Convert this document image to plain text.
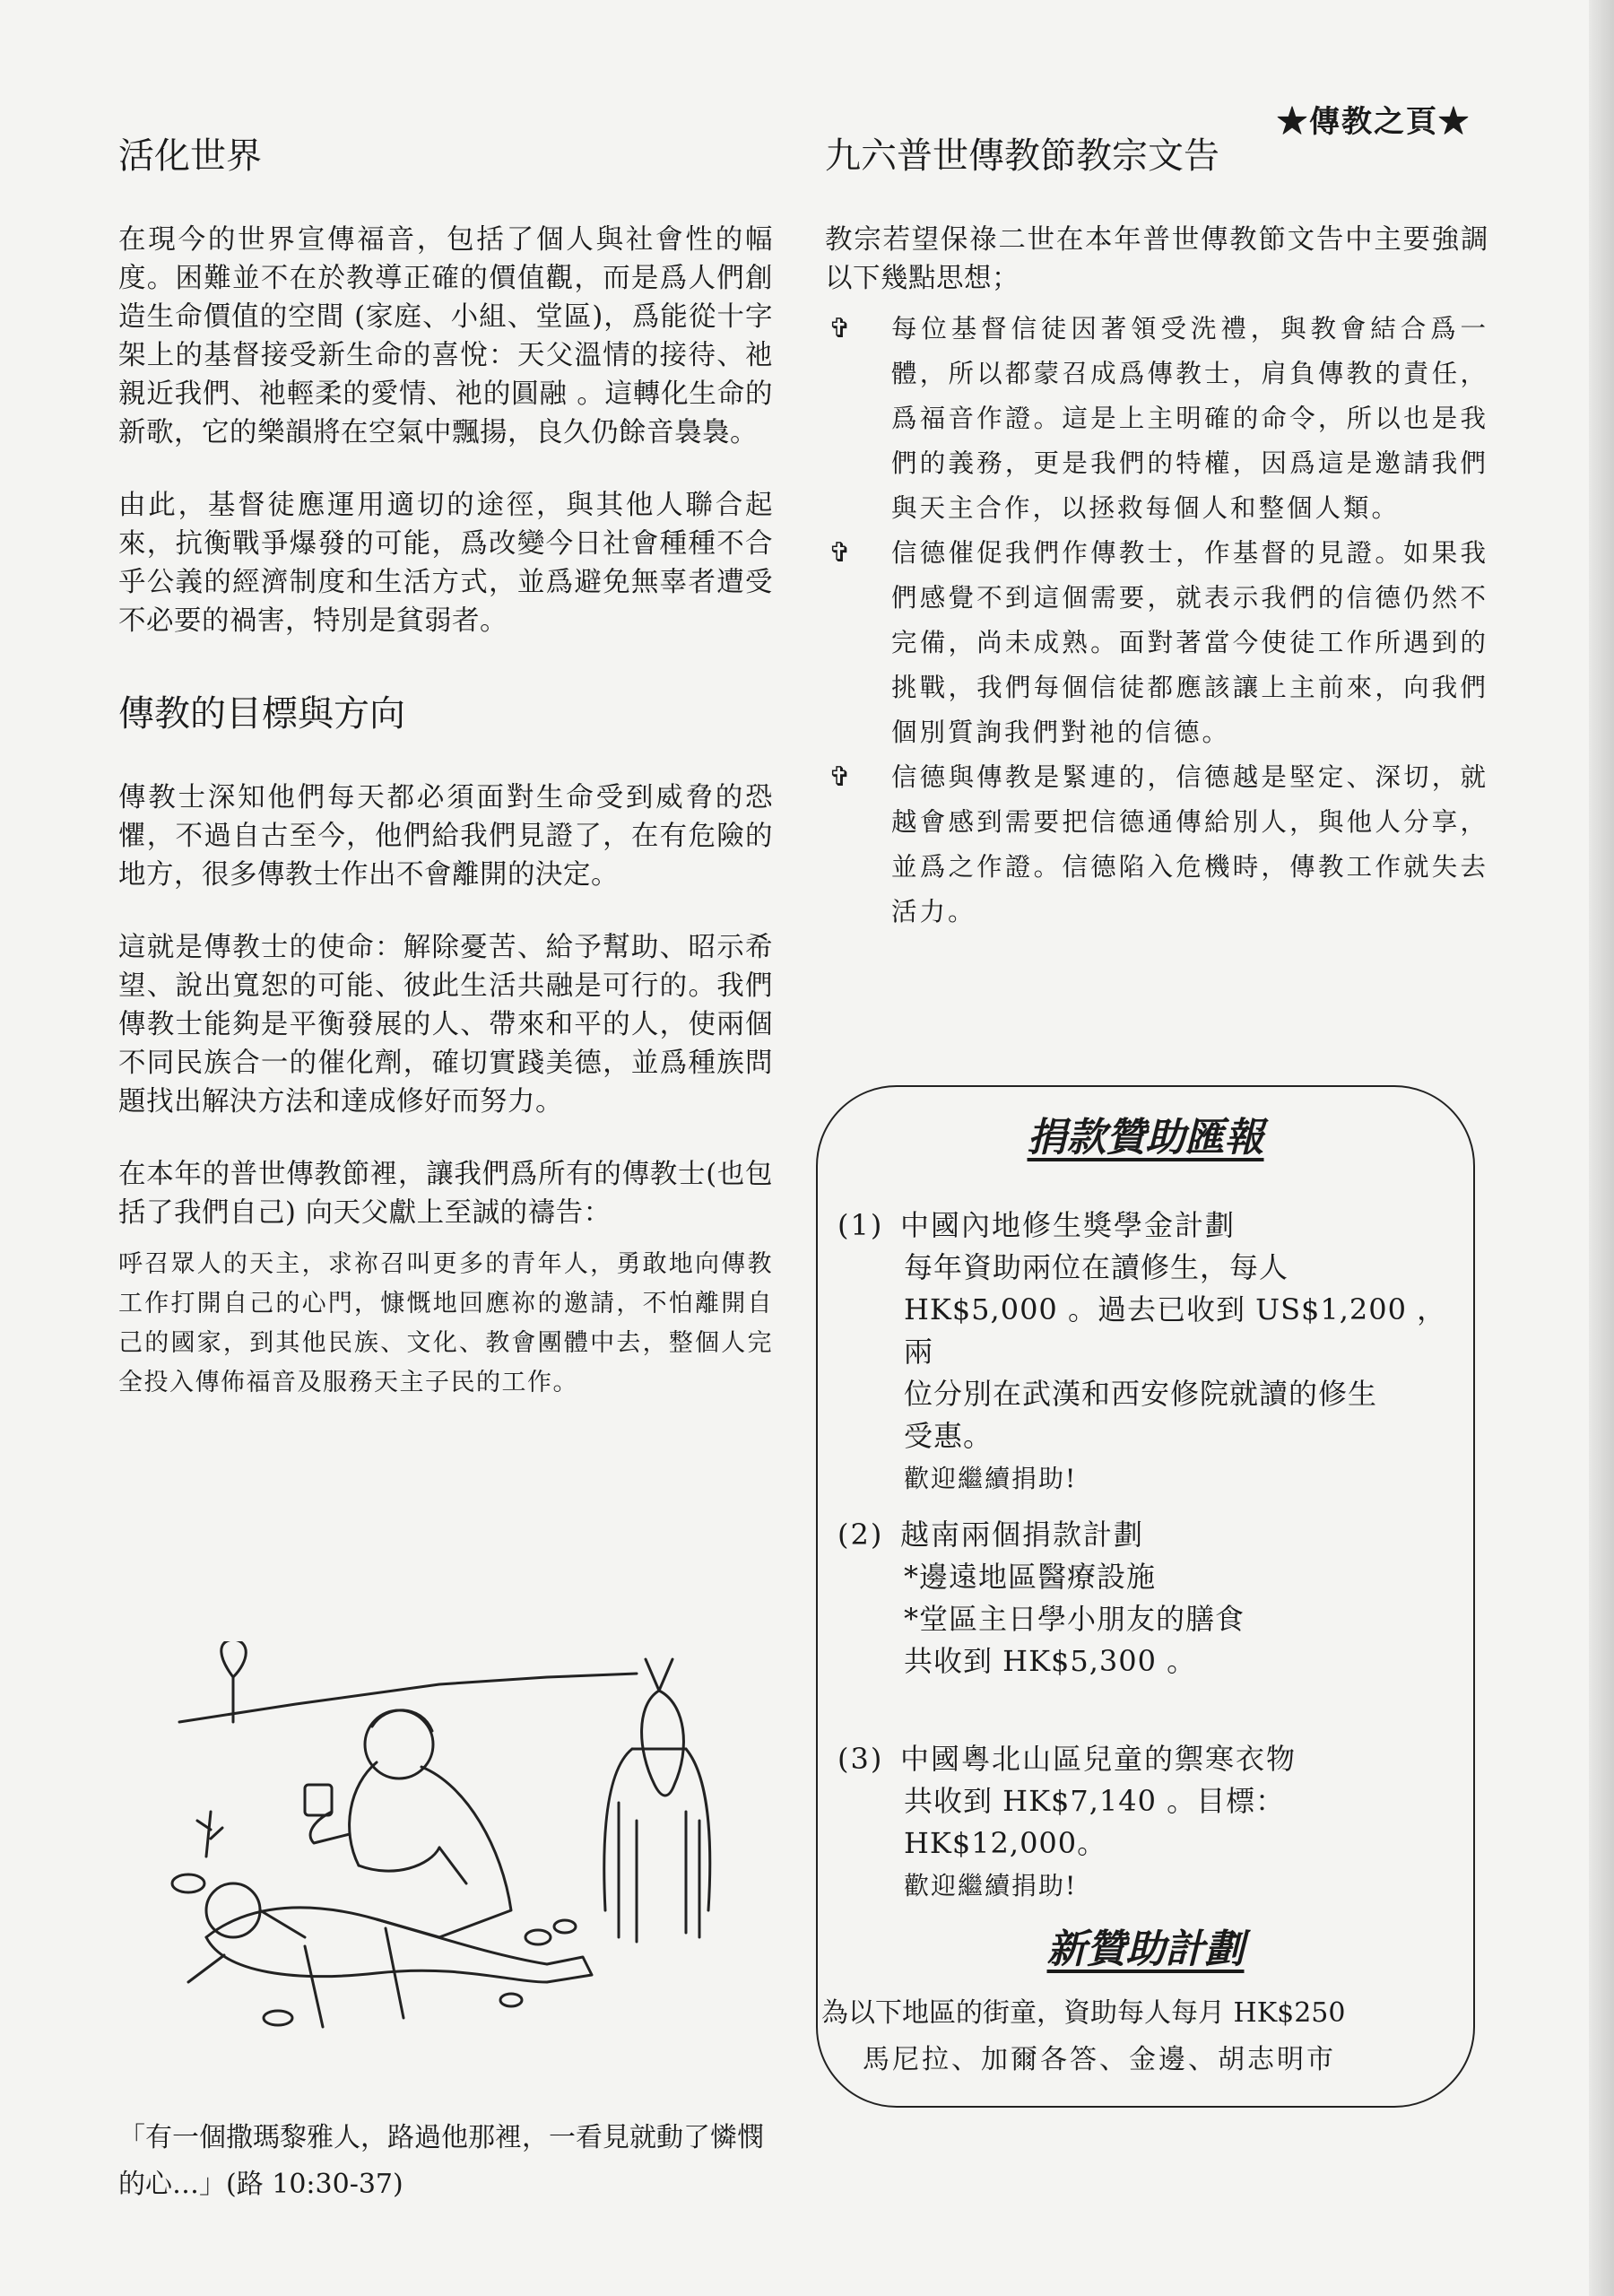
★傳教之頁★
活化世界

在現今的世界宣傳福音，包括了個人與社會性的幅度。困難並不在於教導正確的價值觀，而是爲人們創造生命價值的空間 (家庭、小組、堂區)，爲能從十字架上的基督接受新生命的喜悅：天父溫情的接待、祂親近我們、祂輕柔的愛情、祂的圓融 。這轉化生命的新歌，它的樂韻將在空氣中飄揚，良久仍餘音裊裊。

由此，基督徒應運用適切的途徑，與其他人聯合起來，抗衡戰爭爆發的可能，爲改變今日社會種種不合乎公義的經濟制度和生活方式，並爲避免無辜者遭受不必要的禍害，特別是貧弱者。

傳教的目標與方向

傳教士深知他們每天都必須面對生命受到威脅的恐懼，不過自古至今，他們給我們見證了，在有危險的地方，很多傳教士作出不會離開的決定。

這就是傳教士的使命：解除憂苦、給予幫助、昭示希望、說出寬恕的可能、彼此生活共融是可行的。我們傳教士能夠是平衡發展的人、帶來和平的人，使兩個不同民族合一的催化劑，確切實踐美德，並爲種族問題找出解決方法和達成修好而努力。

在本年的普世傳教節裡，讓我們爲所有的傳教士(也包括了我們自己) 向天父獻上至誠的禱告：

呼召眾人的天主，求祢召叫更多的青年人，勇敢地向傳教工作打開自己的心門，慷慨地回應祢的邀請，不怕離開自己的國家，到其他民族、文化、教會團體中去，整個人完全投入傳佈福音及服務天主子民的工作。

「有一個撒瑪黎雅人，路過他那裡，一看見就動了憐憫的心…」(路 10:30-37)
九六普世傳教節教宗文告

教宗若望保祿二世在本年普世傳教節文告中主要強調以下幾點思想；

✞ 每位基督信徒因著領受洗禮，與教會結合爲一體，所以都蒙召成爲傳教士，肩負傳教的責任，爲福音作證。這是上主明確的命令，所以也是我們的義務，更是我們的特權，因爲這是邀請我們與天主合作，以拯救每個人和整個人類。
✞ 信德催促我們作傳教士，作基督的見證。如果我們感覺不到這個需要，就表示我們的信德仍然不完備，尚未成熟。面對著當今使徒工作所遇到的挑戰，我們每個信徒都應該讓上主前來，向我們個別質詢我們對祂的信德。
✞ 信德與傳教是緊連的，信德越是堅定、深切，就越會感到需要把信德通傳給別人，與他人分享，並爲之作證。信德陷入危機時，傳教工作就失去活力。
捐款贊助匯報
(1) 中國內地修生獎學金計劃
每年資助兩位在讀修生，每人
HK$5,000 。過去已收到 US$1,200 ，兩
位分別在武漢和西安修院就讀的修生
受惠。
歡迎繼續捐助!
(2) 越南兩個捐款計劃
*邊遠地區醫療設施
*堂區主日學小朋友的膳食
共收到 HK$5,300 。
(3) 中國粵北山區兒童的禦寒衣物
共收到 HK$7,140 。目標： HK$12,000。
歡迎繼續捐助!
新贊助計劃
為以下地區的街童，資助每人每月 HK$250
馬尼拉、加爾各答、金邊、胡志明市
